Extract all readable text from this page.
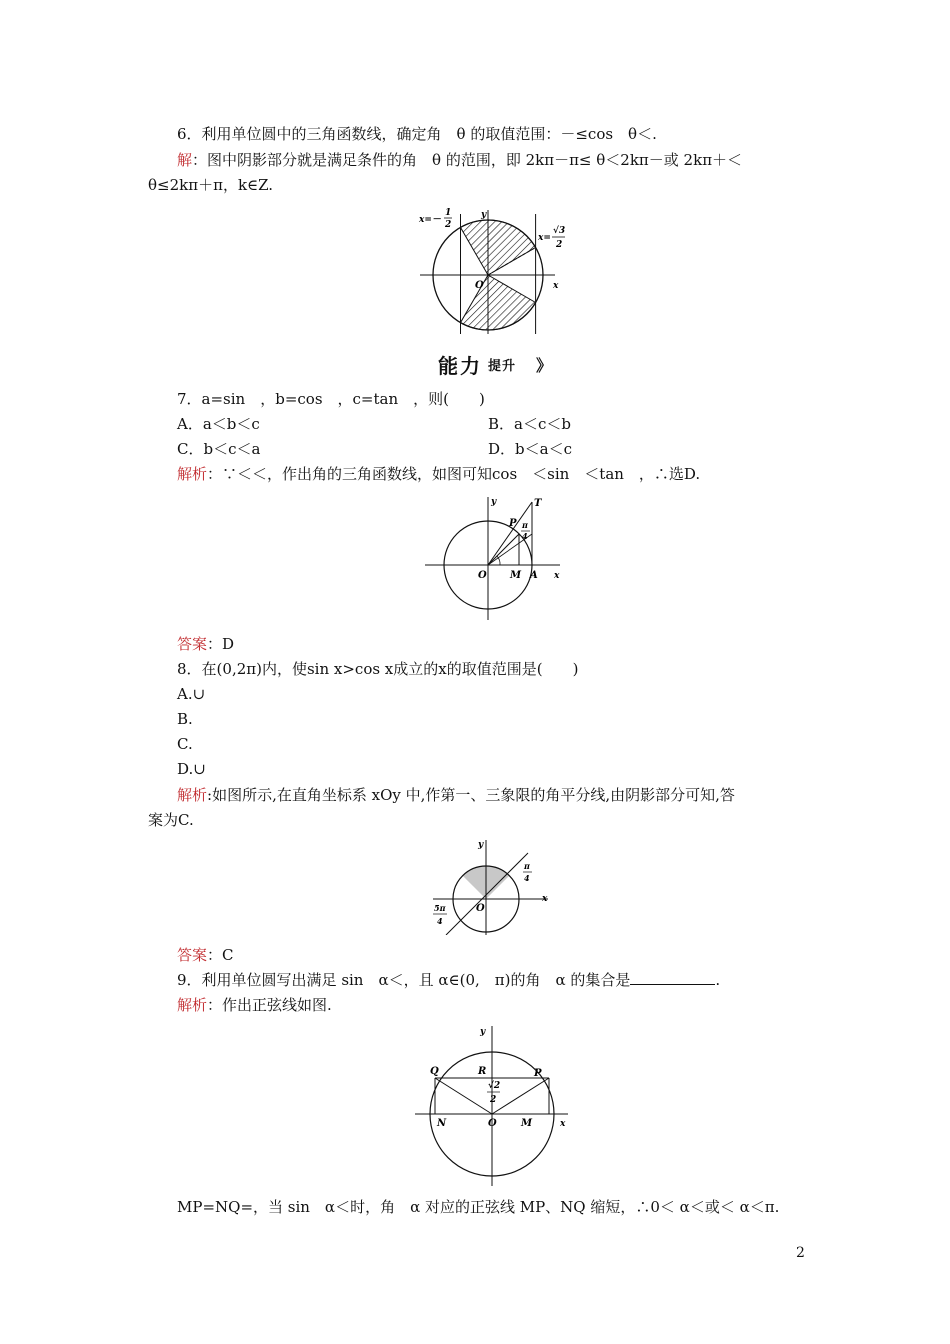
6．利用单位圆中的三角函数线，确定角　θ 的取值范围：－≤cos　θ＜.
解：图中阴影部分就是满足条件的角　θ 的范围，即 2kπ－π≤ θ＜2kπ－或 2kπ＋＜
θ≤2kπ＋π，k∈Z.
x=－
1
2
y
x=
√3
2
O	x
能力 提升 》
7．a=sin　，b=cos　，c=tan　，则(　　)
A．a＜b＜c	B．a＜c＜b
C．b＜c＜a	D．b＜a＜c
解析：∵＜＜，作出角的三角函数线，如图可知cos　＜sin　＜tan　，∴选D.
y	T
P π
4
O M A x
答案：D
8．在(0,2π)内，使sin x>cos x成立的x的取值范围是(　　)
A.∪
B.
C.
D.∪
解析:如图所示,在直角坐标系 xOy 中,作第一、三象限的角平分线,由阴影部分可知,答
案为C.
y
π
4
O
x
5π
4
答案：C
9．利用单位圆写出满足 sin　α＜，且 α∈(0,　π)的角　α 的集合是	.
解析：作出正弦线如图.
y
Q	R	P
√2
2
N	O M	x
MP=NQ=，当 sin　α＜时，角　α 对应的正弦线 MP、NQ 缩短，∴0＜ α＜或＜ α＜π.
2
